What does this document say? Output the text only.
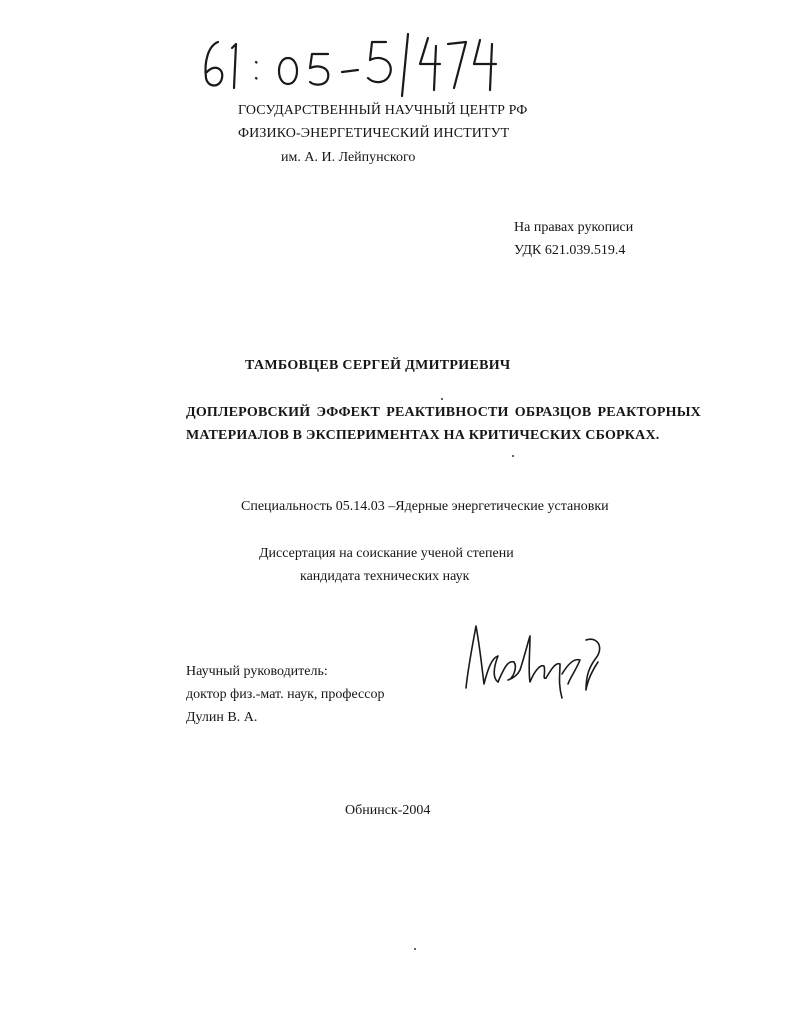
ГОСУДАРСТВЕННЫЙ НАУЧНЫЙ ЦЕНТР РФ
ФИЗИКО-ЭНЕРГЕТИЧЕСКИЙ ИНСТИТУТ
им. А. И. Лейпунского
На правах рукописи
УДК 621.039.519.4
ТАМБОВЦЕВ СЕРГЕЙ ДМИТРИЕВИЧ
ДОПЛЕРОВСКИЙ ЭФФЕКТ РЕАКТИВНОСТИ ОБРАЗЦОВ РЕАКТОРНЫХ
МАТЕРИАЛОВ В ЭКСПЕРИМЕНТАХ НА КРИТИЧЕСКИХ СБОРКАХ.
Специальность 05.14.03 –Ядерные энергетические установки
Диссертация на соискание ученой степени
кандидата технических наук
Научный руководитель:
доктор физ.-мат. наук, профессор
Дулин В. А.
Обнинск-2004
